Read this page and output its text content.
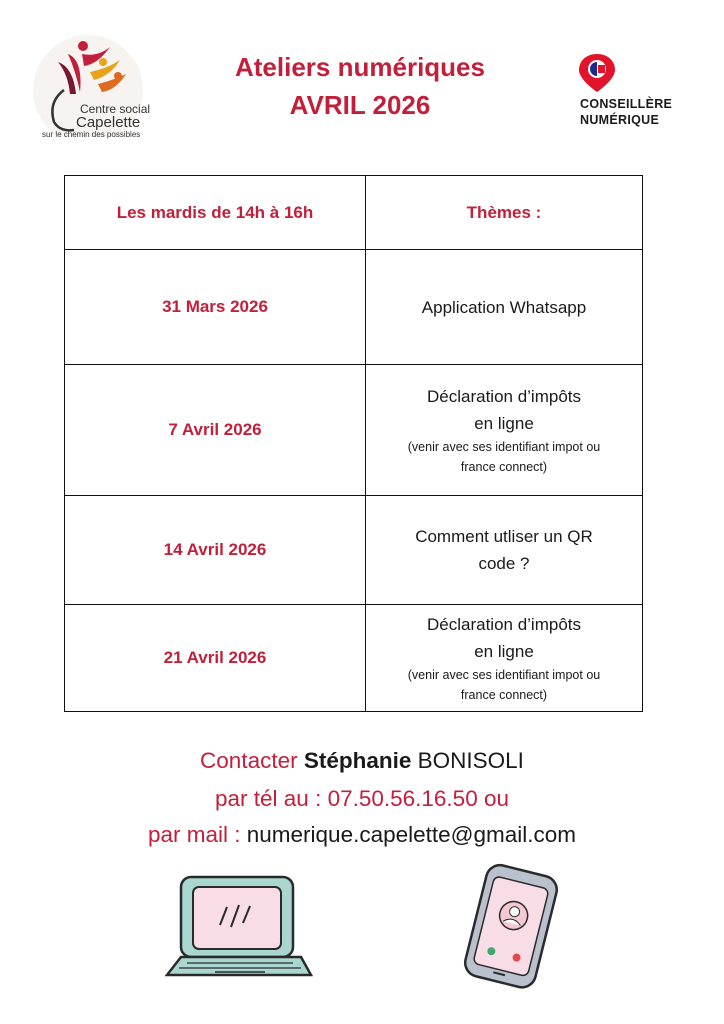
Centre social
Capelette
sur le chemin des possibles
Ateliers numériques
AVRIL 2026	CONSEILLÈRE
NUMÉRIQUE
Les mardis de 14h à 16h	Thèmes :
31 Mars 2026	Application Whatsapp

7 Avril 2026	Déclaration d’impôts
en ligne
(venir avec ses identifiant impot ou
france connect)

14 Avril 2026	Comment utliser un QR
code ?

21 Avril 2026	Déclaration d’impôts
en ligne
(venir avec ses identifiant impot ou
france connect)
Contacter Stéphanie BONISOLI
par tél au : 07.50.56.16.50 ou
par mail : numerique.capelette@gmail.com
